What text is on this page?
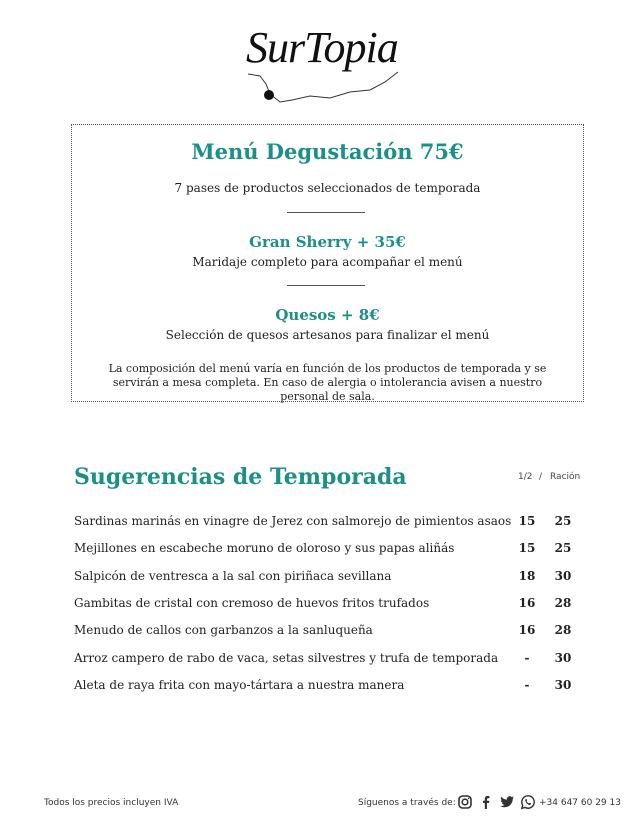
SurTopia
Menú Degustación 75€
7 pases de productos seleccionados de temporada
Gran Sherry + 35€
Maridaje completo para acompañar el menú
Quesos + 8€
Selección de quesos artesanos para finalizar el menú
La composición del menú varía en función de los productos de temporada y se servirán a mesa completa. En caso de alergia o intolerancia avisen a nuestro personal de sala.
Sugerencias de Temporada	1/2 / Ración
Sardinas marinás en vinagre de Jerez con salmorejo de pimientos asaos 15	25
Mejillones en escabeche moruno de oloroso y sus papas aliñás	15	25
Salpicón de ventresca a la sal con piriñaca sevillana	18	30
Gambitas de cristal con cremoso de huevos fritos trufados	16	28
Menudo de callos con garbanzos a la sanluqueña	16	28
Arroz campero de rabo de vaca, setas silvestres y trufa de temporada	-	30
Aleta de raya frita con mayo-tártara a nuestra manera	-	30
Todos los precios incluyen IVA	Síguenos a través de:	+34 647 60 29 13
